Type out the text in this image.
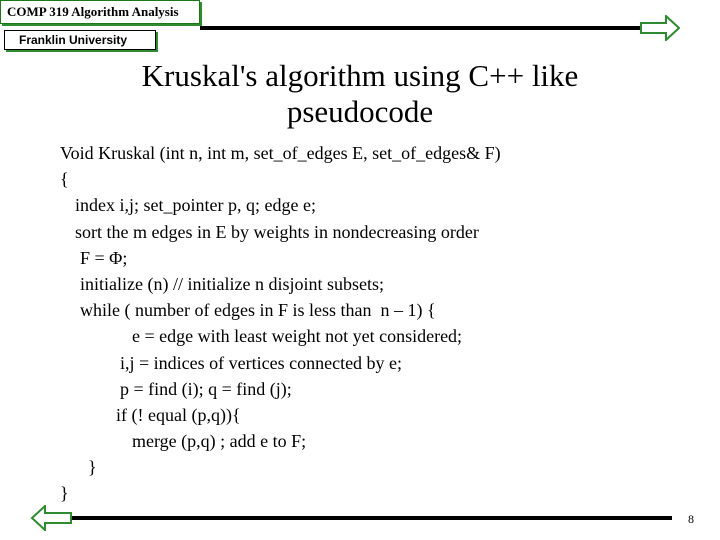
COMP 319 Algorithm Analysis
Franklin University
Kruskal's algorithm using C++ like
pseudocode
Void Kruskal (int n, int m, set_of_edges E, set_of_edges& F)
{
index i,j; set_pointer p, q; edge e;
sort the m edges in E by weights in nondecreasing order
F = Φ;
initialize (n) // initialize n disjoint subsets;
while ( number of edges in F is less than  n – 1) {
e = edge with least weight not yet considered;
i,j = indices of vertices connected by e;
p = find (i); q = find (j);
if (! equal (p,q)){
merge (p,q) ; add e to F;
}
}
8
